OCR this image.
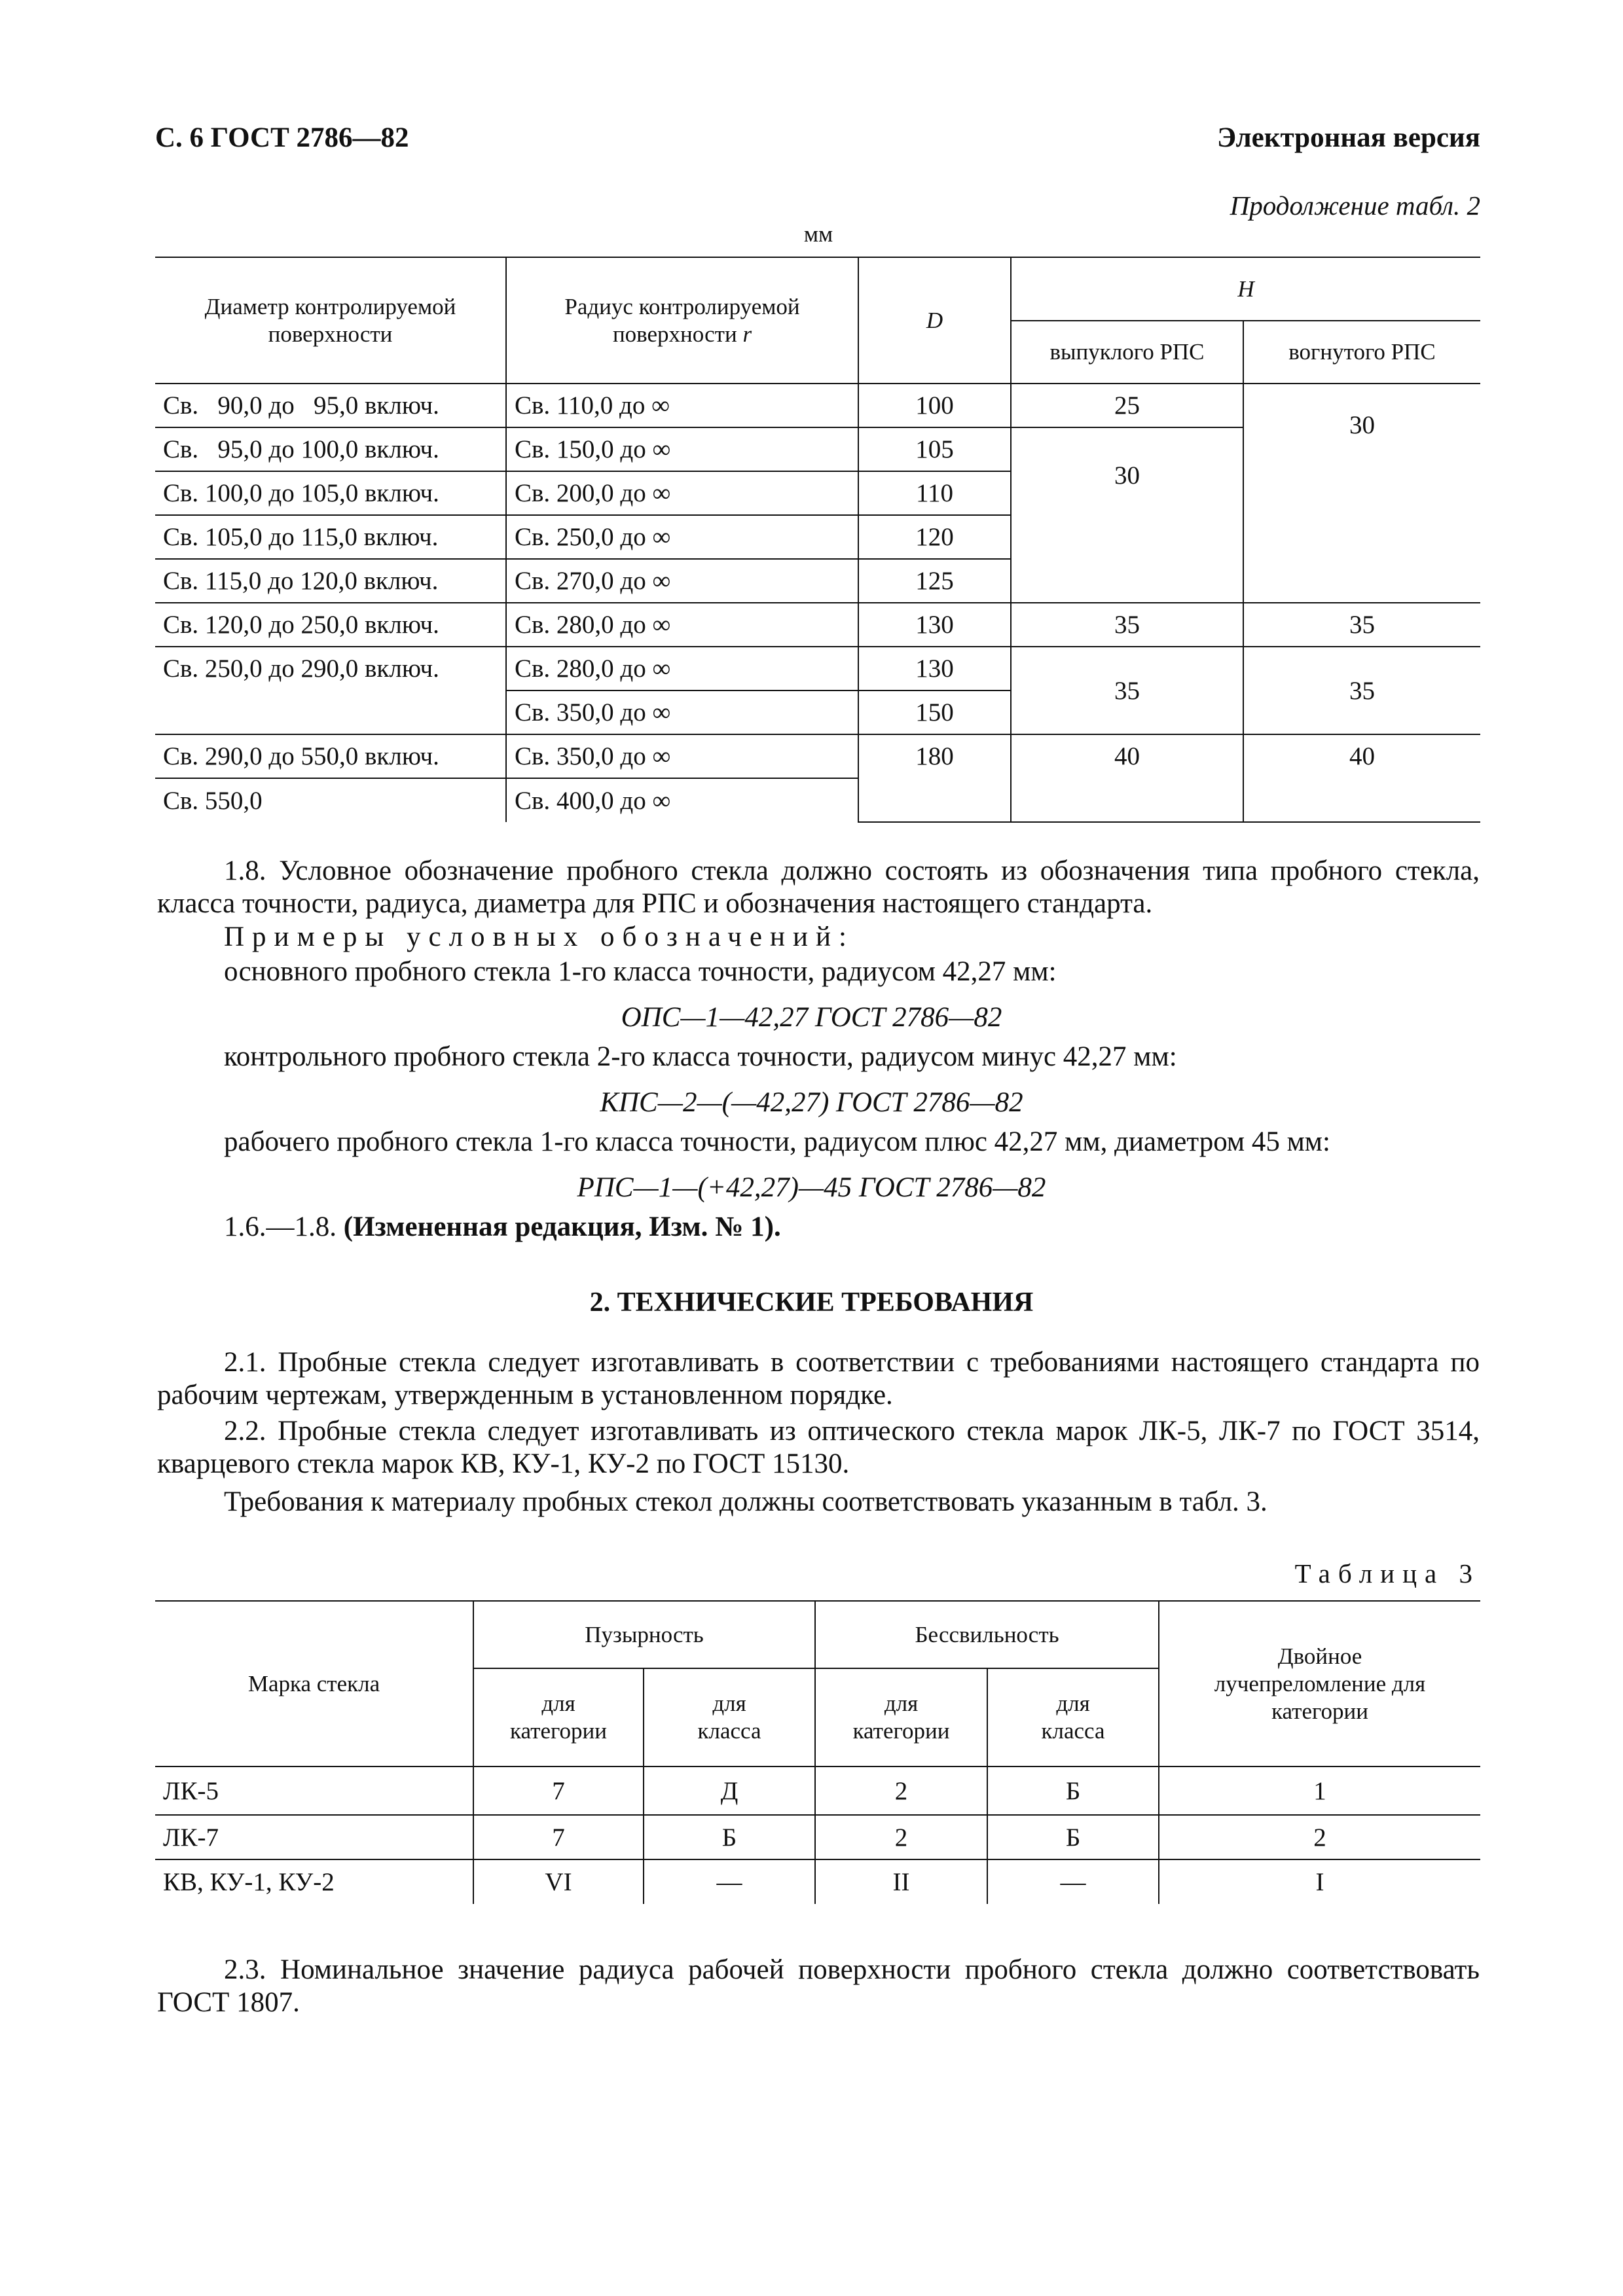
С. 6 ГОСТ 2786—82	Электронная версия
Продолжение табл. 2
мм
Диаметр контролируемой поверхности	Радиус контролируемой поверхности r	D	H	
			выпуклого РПС	вогнутого РПС
Св.   90,0 до   95,0 включ.	Св. 110,0 до ∞	100	25	30
Св.   95,0 до 100,0 включ.	Св. 150,0 до ∞	105	30	
Св. 100,0 до 105,0 включ.	Св. 200,0 до ∞	110		
Св. 105,0 до 115,0 включ.	Св. 250,0 до ∞	120		
Св. 115,0 до 120,0 включ.	Св. 270,0 до ∞	125		
Св. 120,0 до 250,0 включ.	Св. 280,0 до ∞	130	35	35
Св. 250,0 до 290,0 включ.	Св. 280,0 до ∞	130	35	35
	Св. 350,0 до ∞	150		
Св. 290,0 до 550,0 включ.	Св. 350,0 до ∞	180	40	40
Св. 550,0	Св. 400,0 до ∞			
1.8. Условное обозначение пробного стекла должно состоять из обозначения типа пробного стекла, класса точности, радиуса, диаметра для РПС и обозначения настоящего стандарта.
Примеры условных обозначений:
основного пробного стекла 1-го класса точности, радиусом 42,27 мм:
ОПС—1—42,27 ГОСТ 2786—82
контрольного пробного стекла 2-го класса точности, радиусом минус 42,27 мм:
КПС—2—(—42,27) ГОСТ 2786—82
рабочего пробного стекла 1-го класса точности, радиусом плюс 42,27 мм, диаметром 45 мм:
РПС—1—(+42,27)—45 ГОСТ 2786—82
1.6.—1.8. (Измененная редакция, Изм. № 1).
2. ТЕХНИЧЕСКИЕ ТРЕБОВАНИЯ
2.1. Пробные стекла следует изготавливать в соответствии с требованиями настоящего стандарта по рабочим чертежам, утвержденным в установленном порядке.
2.2. Пробные стекла следует изготавливать из оптического стекла марок ЛК-5, ЛК-7 по ГОСТ 3514, кварцевого стекла марок КВ, КУ-1, КУ-2 по ГОСТ 15130.
Требования к материалу пробных стекол должны соответствовать указанным в табл. 3.
Таблица 3
Марка стекла	Пузырность		Бессвильность		Двойное лучепреломление для категории
	для категории	для класса	для категории	для класса	
ЛК-5	7	Д	2	Б	1
ЛК-7	7	Б	2	Б	2
КВ, КУ-1, КУ-2	VI	—	II	—	I
2.3. Номинальное значение радиуса рабочей поверхности пробного стекла должно соответствовать ГОСТ 1807.
